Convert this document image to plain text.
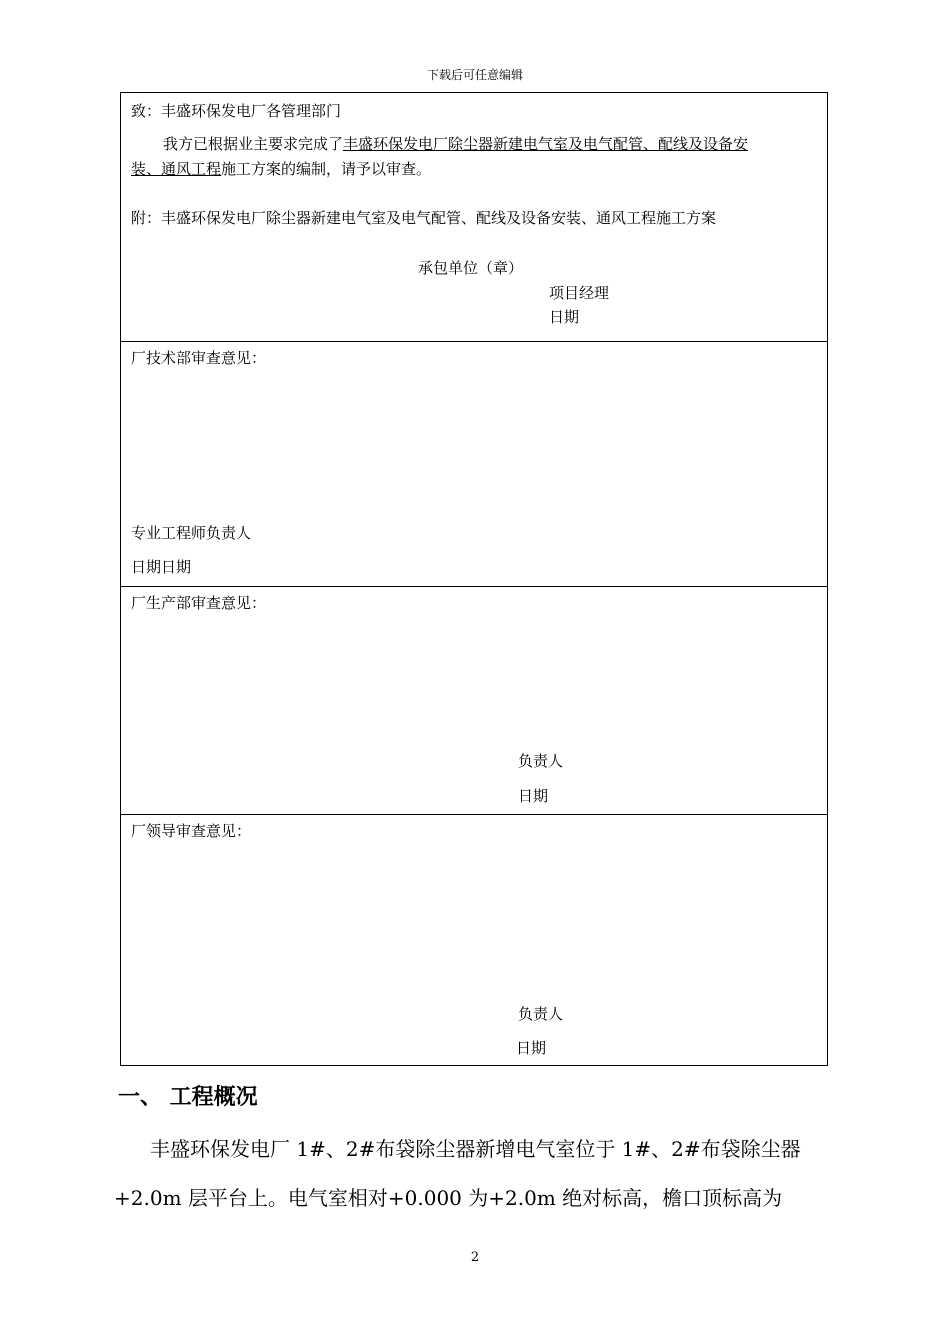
下载后可任意编辑
致：丰盛环保发电厂各管理部门
我方已根据业主要求完成了丰盛环保发电厂除尘器新建电气室及电气配管、配线及设备安
装、通风工程施工方案的编制，请予以审查。
附：丰盛环保发电厂除尘器新建电气室及电气配管、配线及设备安装、通风工程施工方案
承包单位（章）
项目经理
日期
厂技术部审查意见：
专业工程师负责人
日期日期
厂生产部审查意见：
负责人
日期
厂领导审查意见：
负责人
日期
一、 工程概况
丰盛环保发电厂 1#、2#布袋除尘器新增电气室位于 1#、2#布袋除尘器
+2.0m 层平台上。电气室相对+0.000 为+2.0m 绝对标高，檐口顶标高为
2
